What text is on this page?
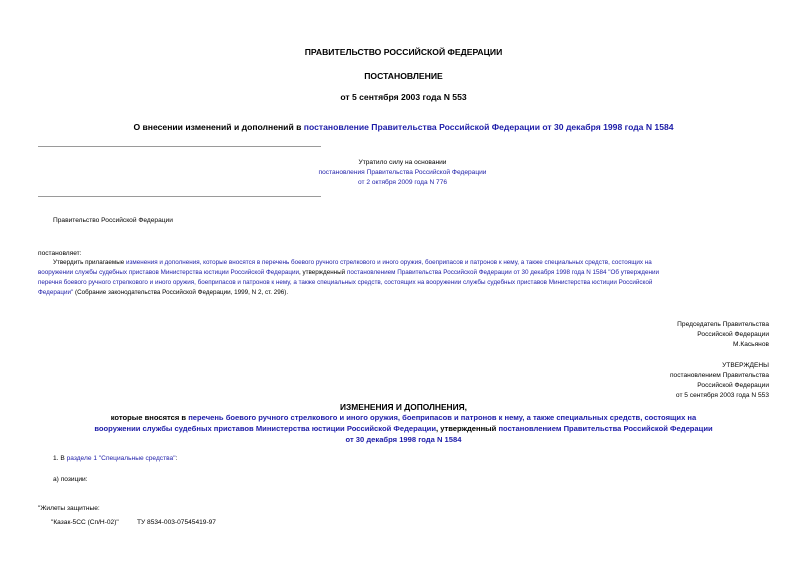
ПРАВИТЕЛЬСТВО РОССИЙСКОЙ ФЕДЕРАЦИИ
ПОСТАНОВЛЕНИЕ
от 5 сентября 2003 года N 553
О внесении изменений и дополнений в постановление Правительства Российской Федерации от 30 декабря 1998 года N 1584
Утратило силу на основании
постановления Правительства Российской Федерации
от 2 октября 2009 года N 776
Правительство Российской Федерации
постановляет:
Утвердить прилагаемые изменения и дополнения, которые вносятся в перечень боевого ручного стрелкового и иного оружия, боеприпасов и патронов к нему, а также специальных средств, состоящих на
вооружении службы судебных приставов Министерства юстиции Российской Федерации, утвержденный постановлением Правительства Российской Федерации от 30 декабря 1998 года N 1584 "Об утверждении
перечня боевого ручного стрелкового и иного оружия, боеприпасов и патронов к нему, а также специальных средств, состоящих на вооружении службы судебных приставов Министерства юстиции Российской
Федерации" (Собрание законодательства Российской Федерации, 1999, N 2, ст. 296).
Председатель Правительства
Российской Федерации
М.Касьянов
УТВЕРЖДЕНЫ
постановлением Правительства
Российской Федерации
от 5 сентября 2003 года N 553
ИЗМЕНЕНИЯ И ДОПОЛНЕНИЯ,
которые вносятся в перечень боевого ручного стрелкового и иного оружия, боеприпасов и патронов к нему, а также специальных средств, состоящих на
вооружении службы судебных приставов Министерства юстиции Российской Федерации, утвержденный постановлением Правительства Российской Федерации
от 30 декабря 1998 года N 1584
1. В разделе 1 "Специальные средства":
а) позиции:
"Жилеты защитные:
"Казак-5СС (Сп/Н-02)"	ТУ 8534-003-07545419-97
